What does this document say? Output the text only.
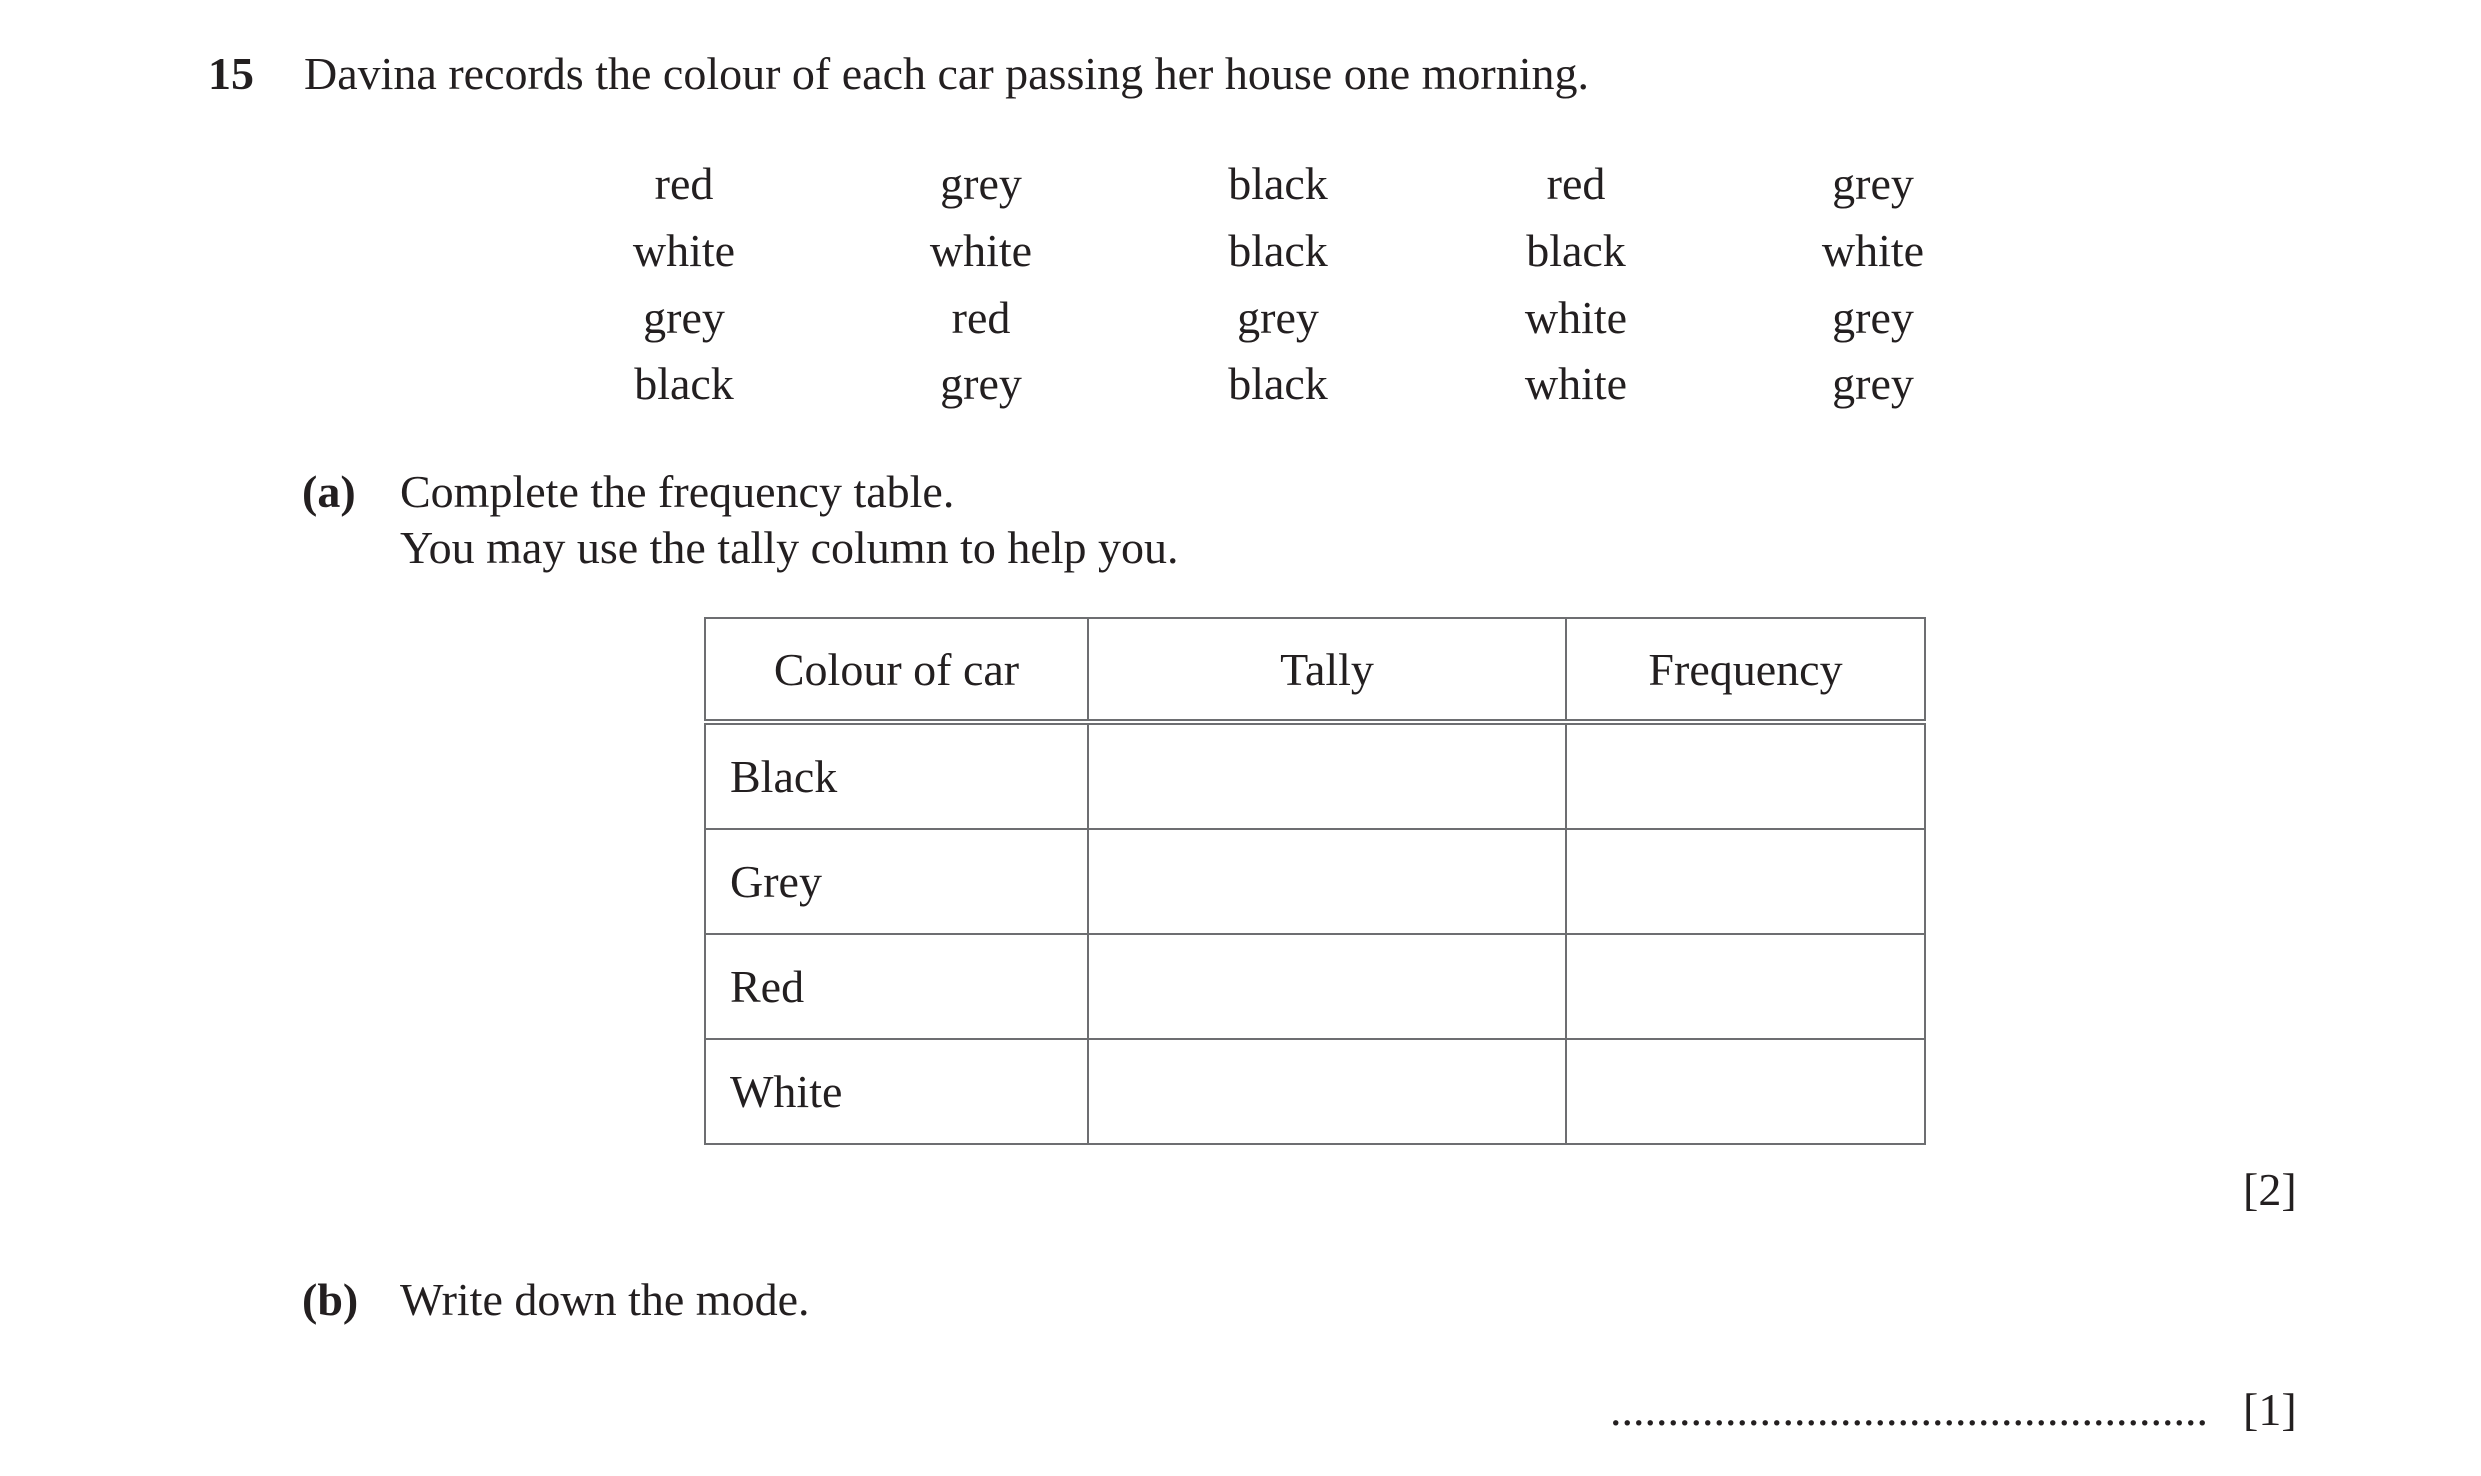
15 Davina records the colour of each car passing her house one morning.
red	grey	black	red	grey
white	white	black	black	white
grey	red	grey	white	grey
black	grey	black	white	grey
(a) Complete the frequency table.
You may use the tally column to help you.
Colour of car	Tally	Frequency
Black		
Grey		
Red		
White		
[2]
(b) Write down the mode.
.................................................... [1]
